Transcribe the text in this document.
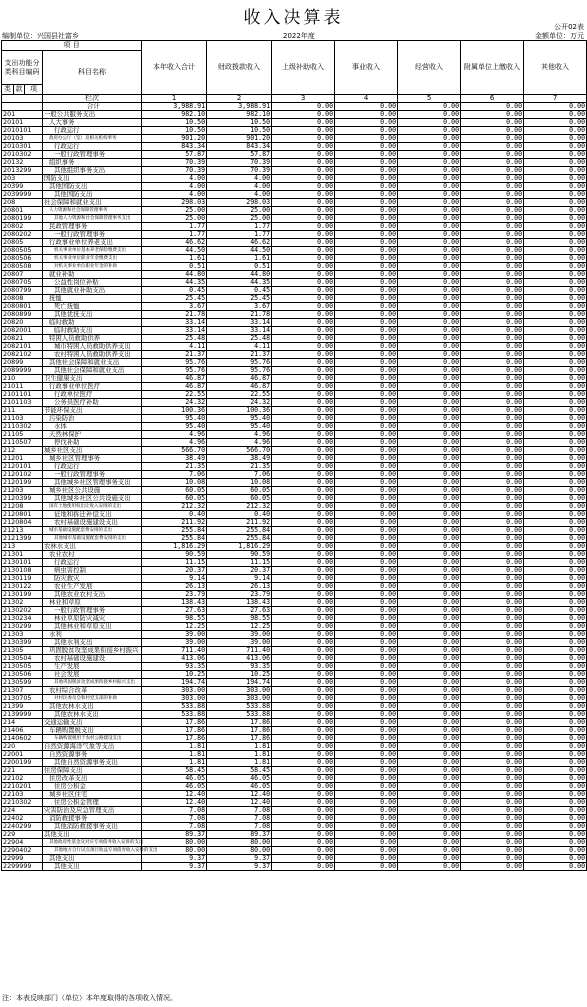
收入决算表	公开02表
编制单位：兴国县社富乡	2022年度	金额单位：万元
项 目				本年收入合计	财政拨款收入	上级补助收入	事业收入	经营收入	附属单位上缴收入	其他收入
支出功能分类科目编码			科目名称							
类	款	项								
			栏次	1	2	3	4	5	6	7
			合计	3,988.91	3,988.91	0.00	0.00	0.00	0.00	0.00
201			一般公共服务支出	982.10	982.10	0.00	0.00	0.00	0.00	0.00
20101			人大事务	10.50	10.50	0.00	0.00	0.00	0.00	0.00
2010101			行政运行	10.50	10.50	0.00	0.00	0.00	0.00	0.00
20103			政府办公厅（室）及相关机构事务	901.20	901.20	0.00	0.00	0.00	0.00	0.00
2010301			行政运行	843.34	843.34	0.00	0.00	0.00	0.00	0.00
2010302			一般行政管理事务	57.87	57.87	0.00	0.00	0.00	0.00	0.00
20132			组织事务	70.39	70.39	0.00	0.00	0.00	0.00	0.00
2013299			其他组织事务支出	70.39	70.39	0.00	0.00	0.00	0.00	0.00
203			国防支出	4.00	4.00	0.00	0.00	0.00	0.00	0.00
20399			其他国防支出	4.00	4.00	0.00	0.00	0.00	0.00	0.00
2039999			其他国防支出	4.00	4.00	0.00	0.00	0.00	0.00	0.00
208			社会保障和就业支出	298.03	298.03	0.00	0.00	0.00	0.00	0.00
20801			人力资源和社会保障管理事务	25.00	25.00	0.00	0.00	0.00	0.00	0.00
2080199			其他人力资源和社会保障管理事务支出	25.00	25.00	0.00	0.00	0.00	0.00	0.00
20802			民政管理事务	1.77	1.77	0.00	0.00	0.00	0.00	0.00
2080202			一般行政管理事务	1.77	1.77	0.00	0.00	0.00	0.00	0.00
20805			行政事业单位养老支出	46.62	46.62	0.00	0.00	0.00	0.00	0.00
2080505			机关事业单位基本养老保险缴费支出	44.50	44.50	0.00	0.00	0.00	0.00	0.00
2080506			机关事业单位职业年金缴费支出	1.61	1.61	0.00	0.00	0.00	0.00	0.00
2080508			对机关事业单位职业年金的补助	0.51	0.51	0.00	0.00	0.00	0.00	0.00
20807			就业补助	44.80	44.80	0.00	0.00	0.00	0.00	0.00
2080705			公益性岗位补贴	44.35	44.35	0.00	0.00	0.00	0.00	0.00
2080799			其他就业补助支出	0.45	0.45	0.00	0.00	0.00	0.00	0.00
20808			抚恤	25.45	25.45	0.00	0.00	0.00	0.00	0.00
2080801			死亡抚恤	3.67	3.67	0.00	0.00	0.00	0.00	0.00
2080899			其他优抚支出	21.78	21.78	0.00	0.00	0.00	0.00	0.00
20820			临时救助	33.14	33.14	0.00	0.00	0.00	0.00	0.00
2082001			临时救助支出	33.14	33.14	0.00	0.00	0.00	0.00	0.00
20821			特困人员救助供养	25.48	25.48	0.00	0.00	0.00	0.00	0.00
2082101			城市特困人员救助供养支出	4.11	4.11	0.00	0.00	0.00	0.00	0.00
2082102			农村特困人员救助供养支出	21.37	21.37	0.00	0.00	0.00	0.00	0.00
20899			其他社会保障和就业支出	95.76	95.76	0.00	0.00	0.00	0.00	0.00
2089999			其他社会保障和就业支出	95.76	95.76	0.00	0.00	0.00	0.00	0.00
210			卫生健康支出	46.87	46.87	0.00	0.00	0.00	0.00	0.00
21011			行政事业单位医疗	46.87	46.87	0.00	0.00	0.00	0.00	0.00
2101101			行政单位医疗	22.55	22.55	0.00	0.00	0.00	0.00	0.00
2101103			公务员医疗补助	24.32	24.32	0.00	0.00	0.00	0.00	0.00
211			节能环保支出	100.36	100.36	0.00	0.00	0.00	0.00	0.00
21103			污染防治	95.40	95.40	0.00	0.00	0.00	0.00	0.00
2110302			水体	95.40	95.40	0.00	0.00	0.00	0.00	0.00
21105			天然林保护	4.96	4.96	0.00	0.00	0.00	0.00	0.00
2110507			停伐补助	4.96	4.96	0.00	0.00	0.00	0.00	0.00
212			城乡社区支出	566.70	566.70	0.00	0.00	0.00	0.00	0.00
21201			城乡社区管理事务	38.49	38.49	0.00	0.00	0.00	0.00	0.00
2120101			行政运行	21.35	21.35	0.00	0.00	0.00	0.00	0.00
2120102			一般行政管理事务	7.06	7.06	0.00	0.00	0.00	0.00	0.00
2120199			其他城乡社区管理事务支出	10.08	10.08	0.00	0.00	0.00	0.00	0.00
21203			城乡社区公共设施	60.05	60.05	0.00	0.00	0.00	0.00	0.00
2120399			其他城乡社区公共设施支出	60.05	60.05	0.00	0.00	0.00	0.00	0.00
21208			国有土地使用权出让收入安排的支出	212.32	212.32	0.00	0.00	0.00	0.00	0.00
2120801			征地和拆迁补偿支出	0.40	0.40	0.00	0.00	0.00	0.00	0.00
2120804			农村基础设施建设支出	211.92	211.92	0.00	0.00	0.00	0.00	0.00
21213			城市基础设施配套费安排的支出	255.84	255.84	0.00	0.00	0.00	0.00	0.00
2121399			其他城市基础设施配套费安排的支出	255.84	255.84	0.00	0.00	0.00	0.00	0.00
213			农林水支出	1,816.29	1,816.29	0.00	0.00	0.00	0.00	0.00
21301			农业农村	90.59	90.59	0.00	0.00	0.00	0.00	0.00
2130101			行政运行	11.15	11.15	0.00	0.00	0.00	0.00	0.00
2130108			病虫害控制	20.37	20.37	0.00	0.00	0.00	0.00	0.00
2130119			防灾救灾	9.14	9.14	0.00	0.00	0.00	0.00	0.00
2130122			农业生产发展	26.13	26.13	0.00	0.00	0.00	0.00	0.00
2130199			其他农业农村支出	23.79	23.79	0.00	0.00	0.00	0.00	0.00
21302			林业和草原	138.43	138.43	0.00	0.00	0.00	0.00	0.00
2130202			一般行政管理事务	27.63	27.63	0.00	0.00	0.00	0.00	0.00
2130234			林业草原防灾减灾	98.55	98.55	0.00	0.00	0.00	0.00	0.00
2130299			其他林业和草原支出	12.25	12.25	0.00	0.00	0.00	0.00	0.00
21303			水利	39.00	39.00	0.00	0.00	0.00	0.00	0.00
2130399			其他水利支出	39.00	39.00	0.00	0.00	0.00	0.00	0.00
21305			巩固脱贫攻坚成果衔接乡村振兴	711.40	711.40	0.00	0.00	0.00	0.00	0.00
2130504			农村基础设施建设	413.06	413.06	0.00	0.00	0.00	0.00	0.00
2130505			生产发展	93.35	93.35	0.00	0.00	0.00	0.00	0.00
2130506			社会发展	10.25	10.25	0.00	0.00	0.00	0.00	0.00
2130599			其他巩固脱贫攻坚成果衔接乡村振兴支出	194.74	194.74	0.00	0.00	0.00	0.00	0.00
21307			农村综合改革	303.00	303.00	0.00	0.00	0.00	0.00	0.00
2130705			对村民委员会和村党支部的补助	303.00	303.00	0.00	0.00	0.00	0.00	0.00
21399			其他农林水支出	533.88	533.88	0.00	0.00	0.00	0.00	0.00
2139999			其他农林水支出	533.88	533.88	0.00	0.00	0.00	0.00	0.00
214			交通运输支出	17.86	17.86	0.00	0.00	0.00	0.00	0.00
21406			车辆购置税支出	17.86	17.86	0.00	0.00	0.00	0.00	0.00
2140602			车辆购置税用于农村公路建设支出	17.86	17.86	0.00	0.00	0.00	0.00	0.00
220			自然资源海洋气象等支出	1.81	1.81	0.00	0.00	0.00	0.00	0.00
22001			自然资源事务	1.81	1.81	0.00	0.00	0.00	0.00	0.00
2200199			其他自然资源事务支出	1.81	1.81	0.00	0.00	0.00	0.00	0.00
221			住房保障支出	58.45	58.45	0.00	0.00	0.00	0.00	0.00
22102			住房改革支出	46.05	46.05	0.00	0.00	0.00	0.00	0.00
2210201			住房公积金	46.05	46.05	0.00	0.00	0.00	0.00	0.00
22103			城乡社区住宅	12.40	12.40	0.00	0.00	0.00	0.00	0.00
2210302			住房公积金管理	12.40	12.40	0.00	0.00	0.00	0.00	0.00
224			灾害防治及应急管理支出	7.08	7.08	0.00	0.00	0.00	0.00	0.00
22402			消防救援事务	7.08	7.08	0.00	0.00	0.00	0.00	0.00
2240299			其他消防救援事务支出	7.08	7.08	0.00	0.00	0.00	0.00	0.00
229			其他支出	89.37	89.37	0.00	0.00	0.00	0.00	0.00
22904			其他政府性基金及对应专项债务收入安排的支出	80.00	80.00	0.00	0.00	0.00	0.00	0.00
2290402			其他地方自行试点项目收益专项债券收入安排的支出	80.00	80.00	0.00	0.00	0.00	0.00	0.00
22999			其他支出	9.37	9.37	0.00	0.00	0.00	0.00	0.00
2299999			其他支出	9.37	9.37	0.00	0.00	0.00	0.00	0.00
注：本表反映部门（单位）本年度取得的各项收入情况。
